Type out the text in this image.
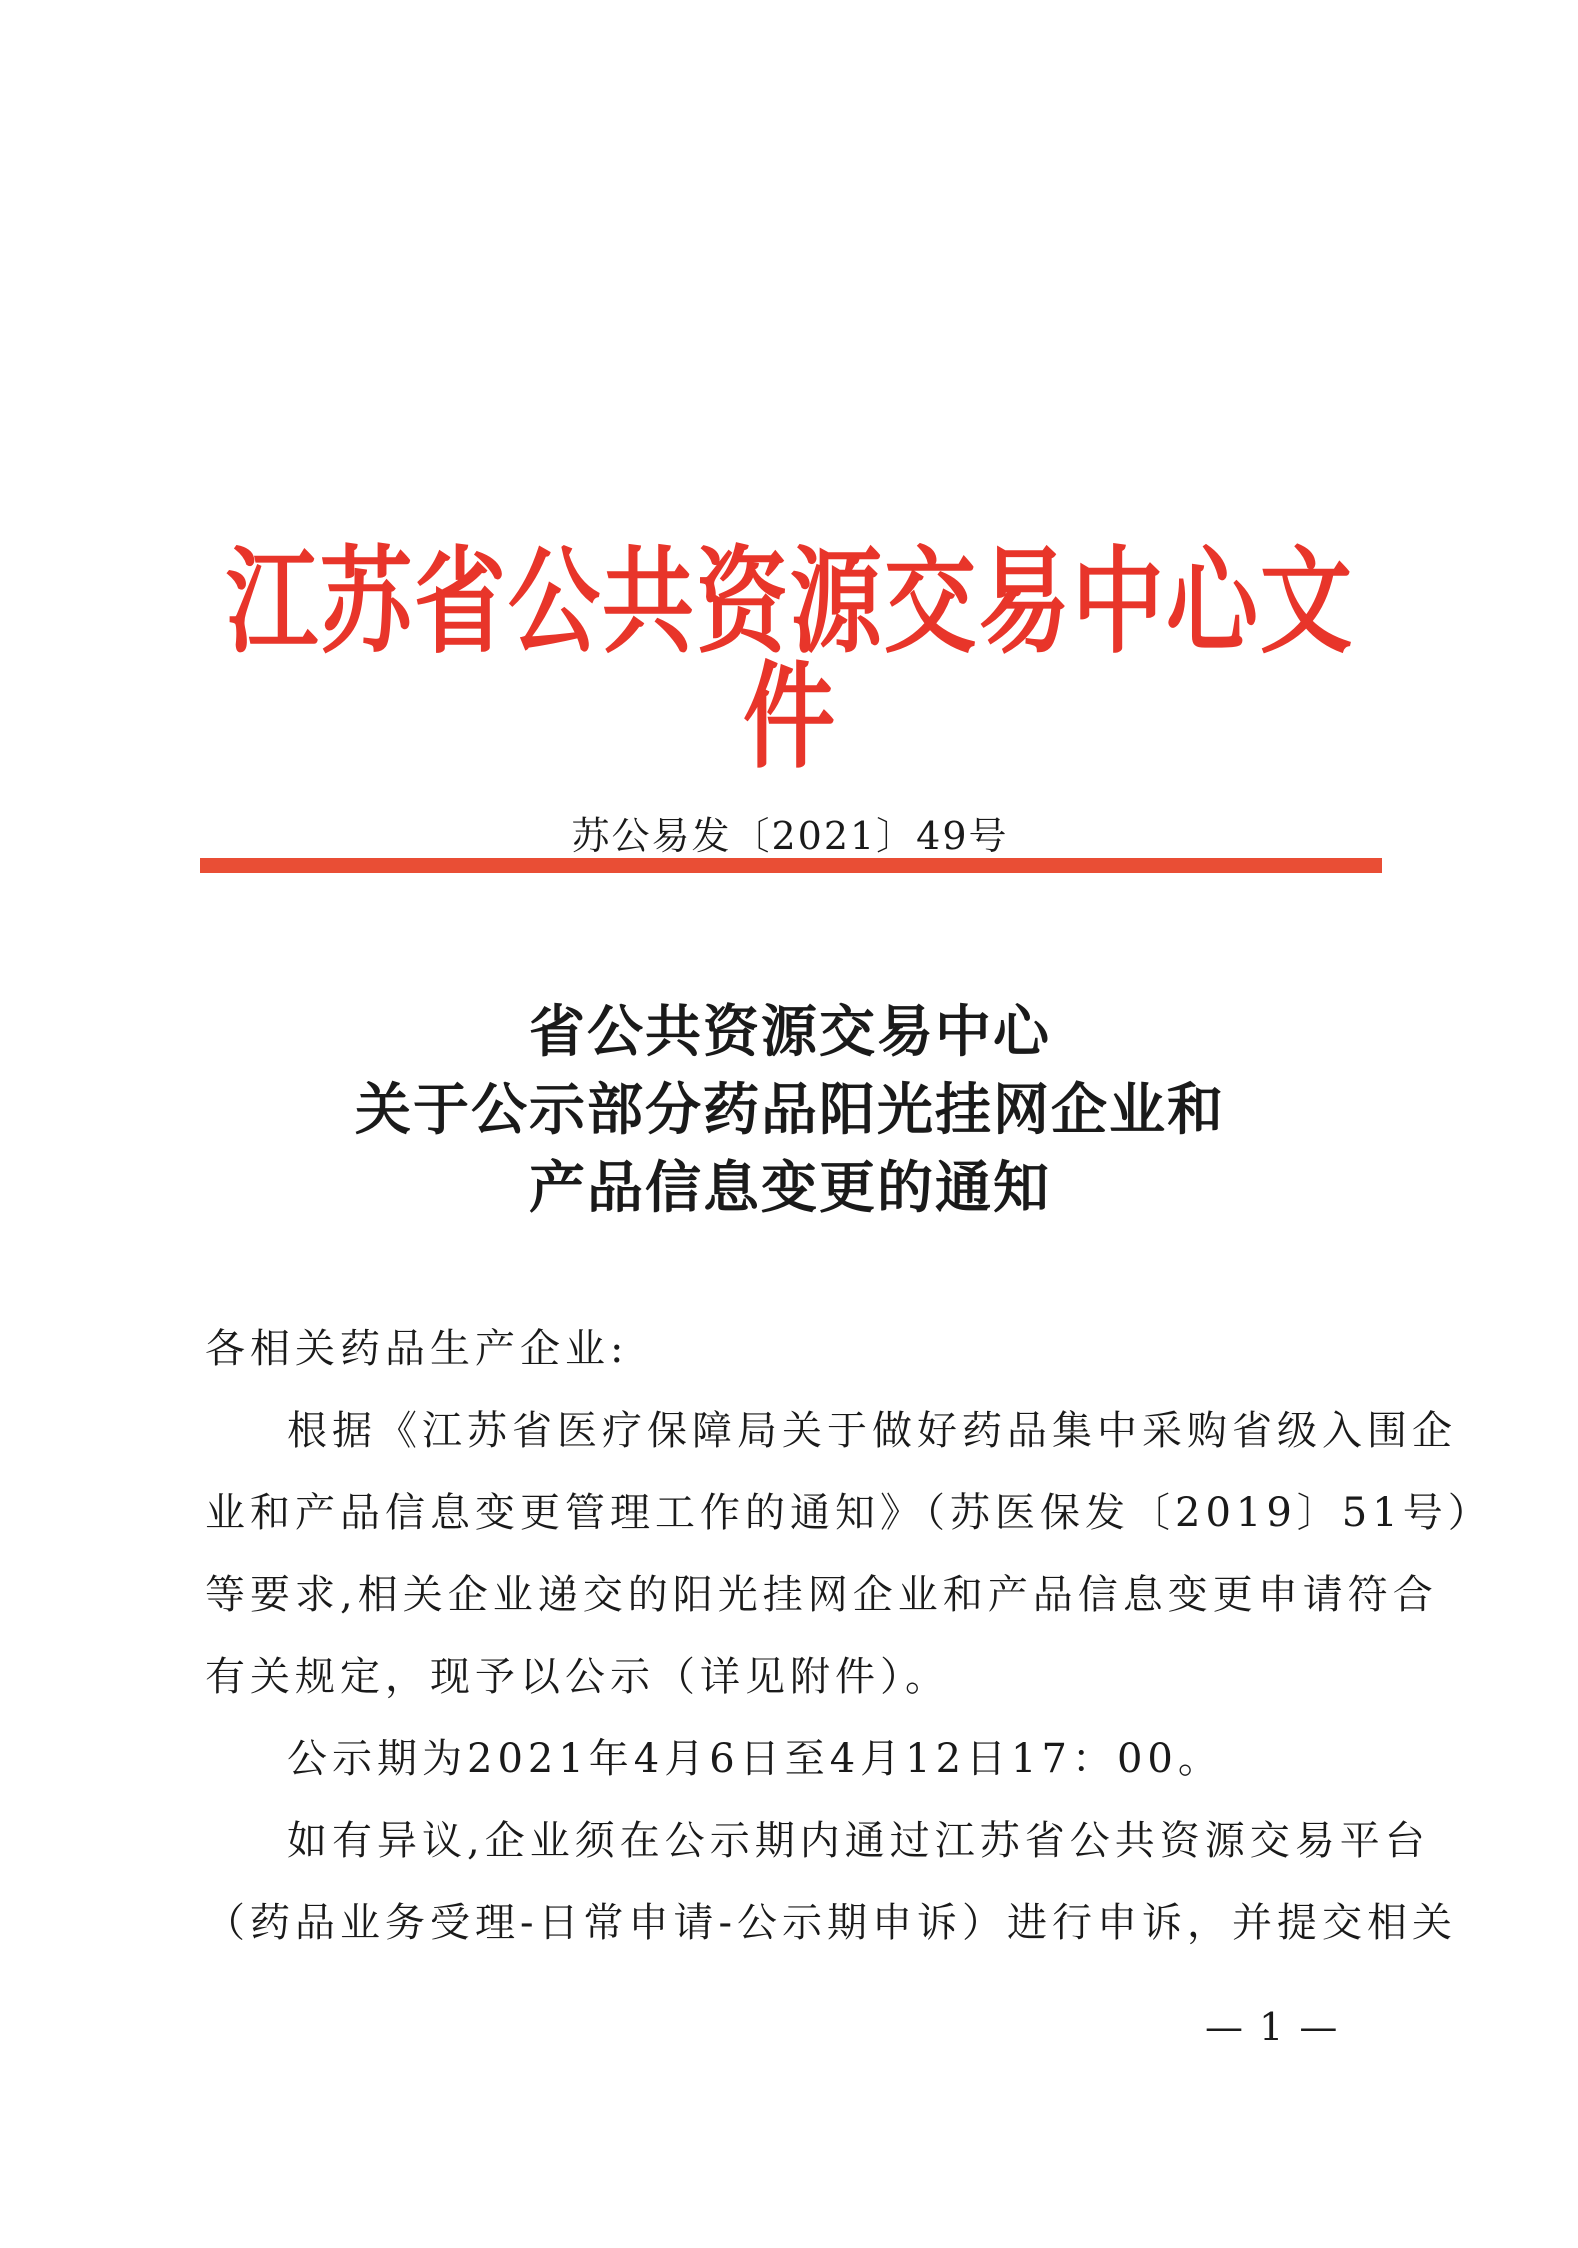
江苏省公共资源交易中心文件
苏公易发〔2021〕49号
省公共资源交易中心
关于公示部分药品阳光挂网企业和
产品信息变更的通知
各相关药品生产企业:
根据《江苏省医疗保障局关于做好药品集中采购省级入围企
业和产品信息变更管理工作的通知》（苏医保发〔2019〕51号）
等要求,相关企业递交的阳光挂网企业和产品信息变更申请符合
有关规定，现予以公示（详见附件）。
公示期为2021年4月6日至4月12日17：00。
如有异议,企业须在公示期内通过江苏省公共资源交易平台
（药品业务受理-日常申请-公示期申诉）进行申诉，并提交相关
— 1 —
